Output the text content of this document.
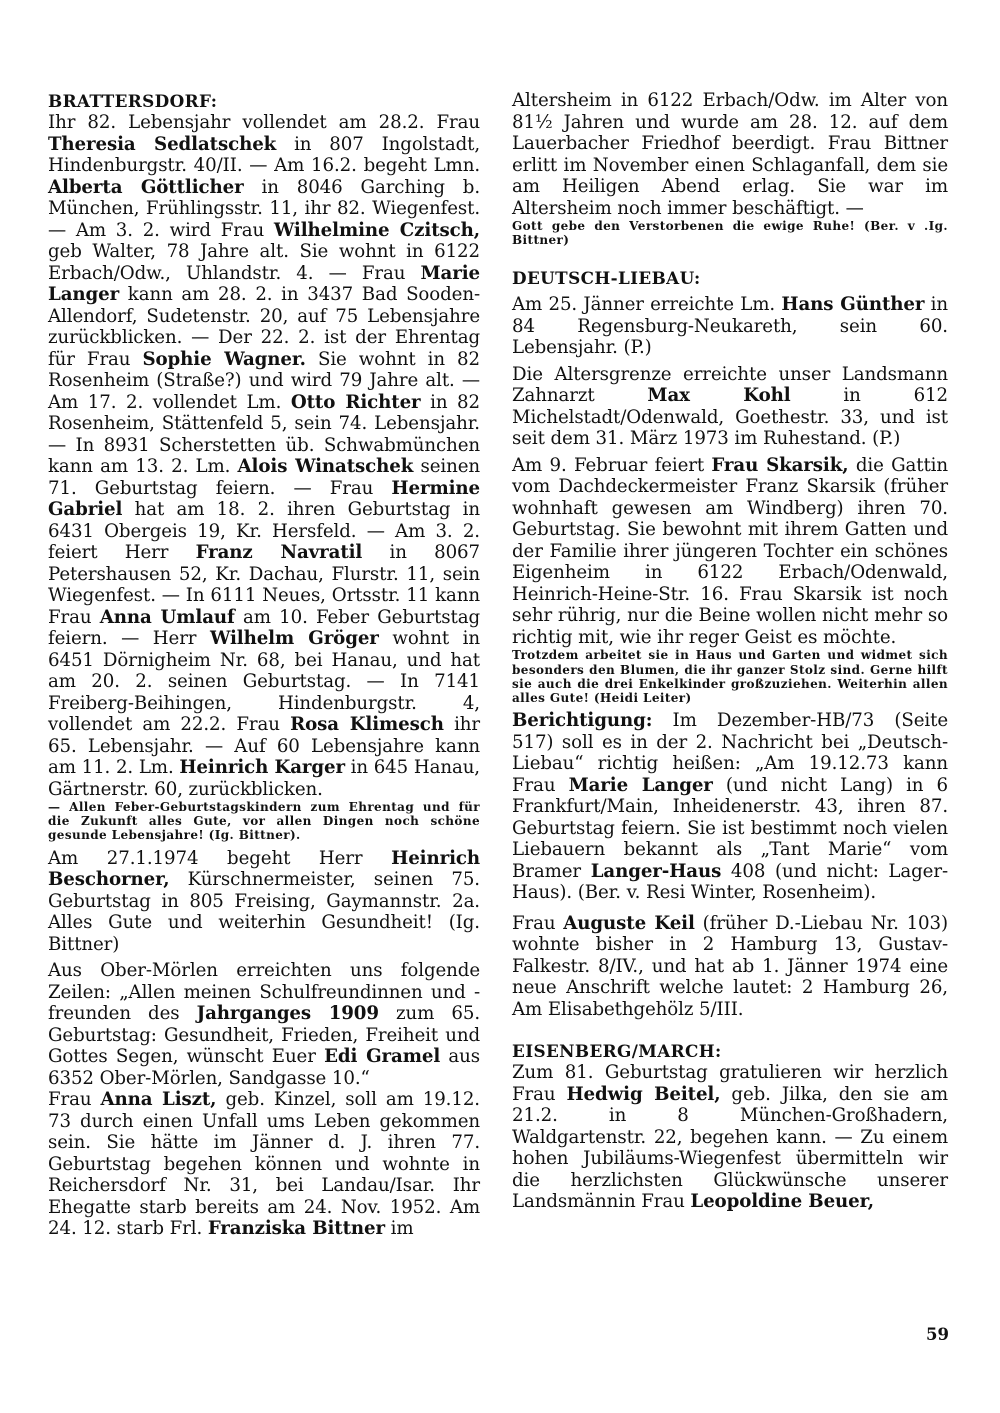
BRATTERSDORF:

Ihr 82. Lebensjahr vollendet am 28.2. Frau Theresia Sedlatschek in 807 Ingolstadt, Hindenburgstr. 40/II. — Am 16.2. begeht Lmn. Alberta Göttlicher in 8046 Garching b. München, Frühlingsstr. 11, ihr 82. Wiegenfest. — Am 3. 2. wird Frau Wilhelmine Czitsch, geb Walter, 78 Jahre alt. Sie wohnt in 6122 Erbach/Odw., Uhlandstr. 4. — Frau Marie Langer kann am 28. 2. in 3437 Bad Sooden-Allendorf, Sudetenstr. 20, auf 75 Lebensjahre zurückblicken. — Der 22. 2. ist der Ehrentag für Frau Sophie Wagner. Sie wohnt in 82 Rosenheim (Straße?) und wird 79 Jahre alt. — Am 17. 2. vollendet Lm. Otto Richter in 82 Rosenheim, Stättenfeld 5, sein 74. Lebensjahr. — In 8931 Scherstetten üb. Schwabmünchen kann am 13. 2. Lm. Alois Winatschek seinen 71. Geburtstag feiern. — Frau Hermine Gabriel hat am 18. 2. ihren Geburtstag in 6431 Obergeis 19, Kr. Hersfeld. — Am 3. 2. feiert Herr Franz Navratil in 8067 Petershausen 52, Kr. Dachau, Flurstr. 11, sein Wiegenfest. — In 6111 Neues, Ortsstr. 11 kann Frau Anna Umlauf am 10. Feber Geburtstag feiern. — Herr Wilhelm Gröger wohnt in 6451 Dörnigheim Nr. 68, bei Hanau, und hat am 20. 2. seinen Geburtstag. — In 7141 Freiberg-Beihingen, Hindenburgstr. 4, vollendet am 22.2. Frau Rosa Klimesch ihr 65. Lebensjahr. — Auf 60 Lebensjahre kann am 11. 2. Lm. Heinrich Karger in 645 Hanau, Gärtnerstr. 60, zurückblicken.

— Allen Feber-Geburtstagskindern zum Ehrentag und für die Zukunft alles Gute, vor allen Dingen noch schöne gesunde Lebensjahre! (Ig. Bittner).

Am 27.1.1974 begeht Herr Heinrich Beschorner, Kürschnermeister, seinen 75. Geburtstag in 805 Freising, Gaymannstr. 2a. Alles Gute und weiterhin Gesundheit! (Ig. Bittner)

Aus Ober-Mörlen erreichten uns folgende Zeilen: „Allen meinen Schulfreundinnen und -freunden des Jahrganges 1909 zum 65. Geburtstag: Gesundheit, Frieden, Freiheit und Gottes Segen, wünscht Euer Edi Gramel aus 6352 Ober-Mörlen, Sandgasse 10.“

Frau Anna Liszt, geb. Kinzel, soll am 19.12. 73 durch einen Unfall ums Leben gekommen sein. Sie hätte im Jänner d. J. ihren 77. Geburtstag begehen können und wohnte in Reichersdorf Nr. 31, bei Landau/Isar. Ihr Ehegatte starb bereits am 24. Nov. 1952. Am 24. 12. starb Frl. Franziska Bittner im

Altersheim in 6122 Erbach/Odw. im Alter von 81½ Jahren und wurde am 28. 12. auf dem Lauerbacher Friedhof beerdigt. Frau Bittner erlitt im November einen Schlaganfall, dem sie am Heiligen Abend erlag. Sie war im Altersheim noch immer beschäftigt. —

Gott gebe den Verstorbenen die ewige Ruhe! (Ber. v .Ig. Bittner)

DEUTSCH-LIEBAU:

Am 25. Jänner erreichte Lm. Hans Günther in 84 Regensburg-Neukareth, sein 60. Lebensjahr. (P.)

Die Altersgrenze erreichte unser Landsmann Zahnarzt Max Kohl in 612 Michelstadt/Odenwald, Goethestr. 33, und ist seit dem 31. März 1973 im Ruhestand. (P.)

Am 9. Februar feiert Frau Skarsik, die Gattin vom Dachdeckermeister Franz Skarsik (früher wohnhaft gewesen am Windberg) ihren 70. Geburtstag. Sie bewohnt mit ihrem Gatten und der Familie ihrer jüngeren Tochter ein schönes Eigenheim in 6122 Erbach/Odenwald, Heinrich-Heine-Str. 16. Frau Skarsik ist noch sehr rührig, nur die Beine wollen nicht mehr so richtig mit, wie ihr reger Geist es möchte.

Trotzdem arbeitet sie in Haus und Garten und widmet sich besonders den Blumen, die ihr ganzer Stolz sind. Gerne hilft sie auch die drei Enkelkinder großzuziehen. Weiterhin allen alles Gute! (Heidi Leiter)

Berichtigung: Im Dezember-HB/73 (Seite 517) soll es in der 2. Nachricht bei „Deutsch-Liebau“ richtig heißen: „Am 19.12.73 kann Frau Marie Langer (und nicht Lang) in 6 Frankfurt/Main, Inheidenerstr. 43, ihren 87. Geburtstag feiern. Sie ist bestimmt noch vielen Liebauern bekannt als „Tant Marie“ vom Bramer Langer-Haus 408 (und nicht: Lager-Haus). (Ber. v. Resi Winter, Rosenheim).

Frau Auguste Keil (früher D.-Liebau Nr. 103) wohnte bisher in 2 Hamburg 13, Gustav-Falkestr. 8/IV., und hat ab 1. Jänner 1974 eine neue Anschrift welche lautet: 2 Hamburg 26, Am Elisabethgehölz 5/III.

EISENBERG/MARCH:

Zum 81. Geburtstag gratulieren wir herzlich Frau Hedwig Beitel, geb. Jilka, den sie am 21.2. in 8 München-Großhadern, Waldgartenstr. 22, begehen kann. — Zu einem hohen Jubiläums-Wiegenfest übermitteln wir die herzlichsten Glückwünsche unserer Landsmännin Frau Leopoldine Beuer,

59
